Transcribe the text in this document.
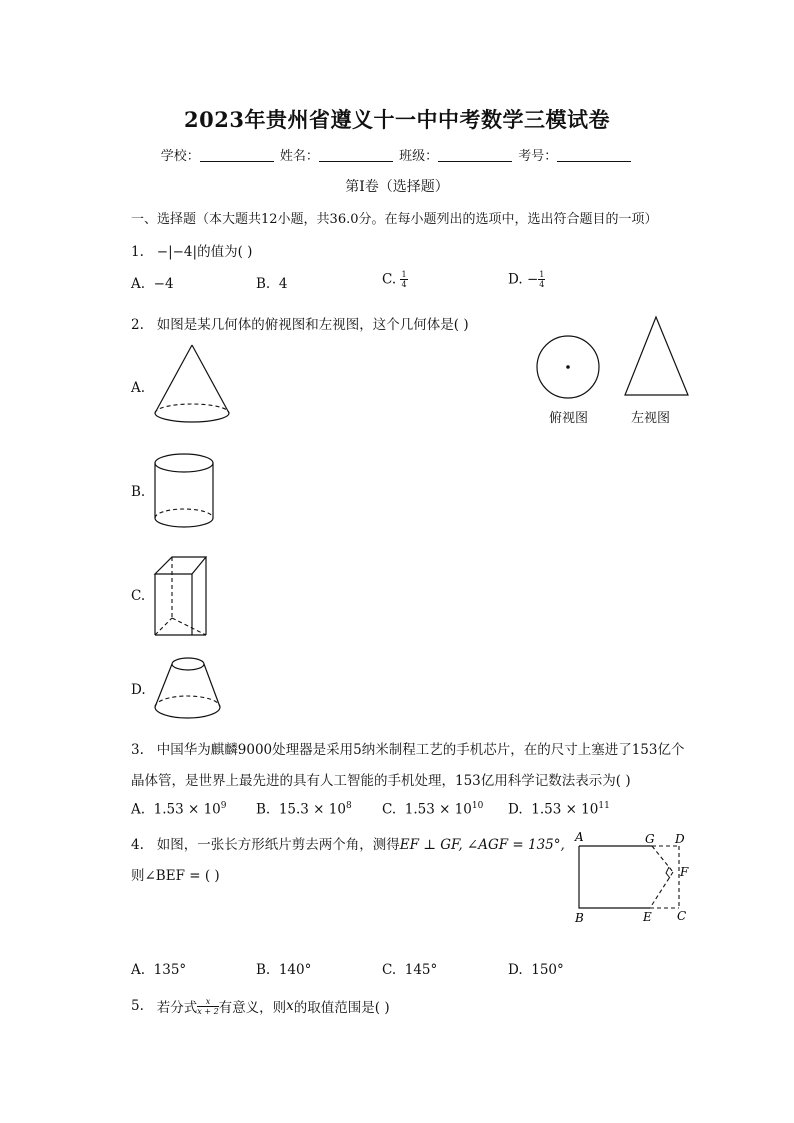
2023年贵州省遵义十一中中考数学三模试卷
学校：	姓名：	班级：	考号：
第I卷（选择题）
一、选择题（本大题共12小题，共36.0分。在每小题列出的选项中，选出符合题目的一项）
1. −|−4|的值为( )
A. −4	B. 4	C. $\frac{1}{4}$	D. − $\frac{1}{4}$
2. 如图是某几何体的俯视图和左视图，这个几何体是( )
俯视图	左视图
A.
B.
C.
D.
3. 中国华为麒麟9000处理器是采用5纳米制程工艺的手机芯片，在的尺寸上塞进了153亿个
晶体管，是世界上最先进的具有人工智能的手机处理，153亿用科学记数法表示为( )
A. $1.53 \times 10^9$ B. $15.3 \times 10^8$ C. $1.53 \times 10^{10}$ D. $1.53 \times 10^{11}$
4. 如图，一张长方形纸片剪去两个角，测得EF ⊥ GF, ∠AGF = 135°,
则∠BEF = ( )
A	G D
F
B	E C
A. 135°	B. 140°	C. 145°	D. 150°
5. 若分式 $\frac{x}{x + 2}$ 有意义，则x的取值范围是( )
